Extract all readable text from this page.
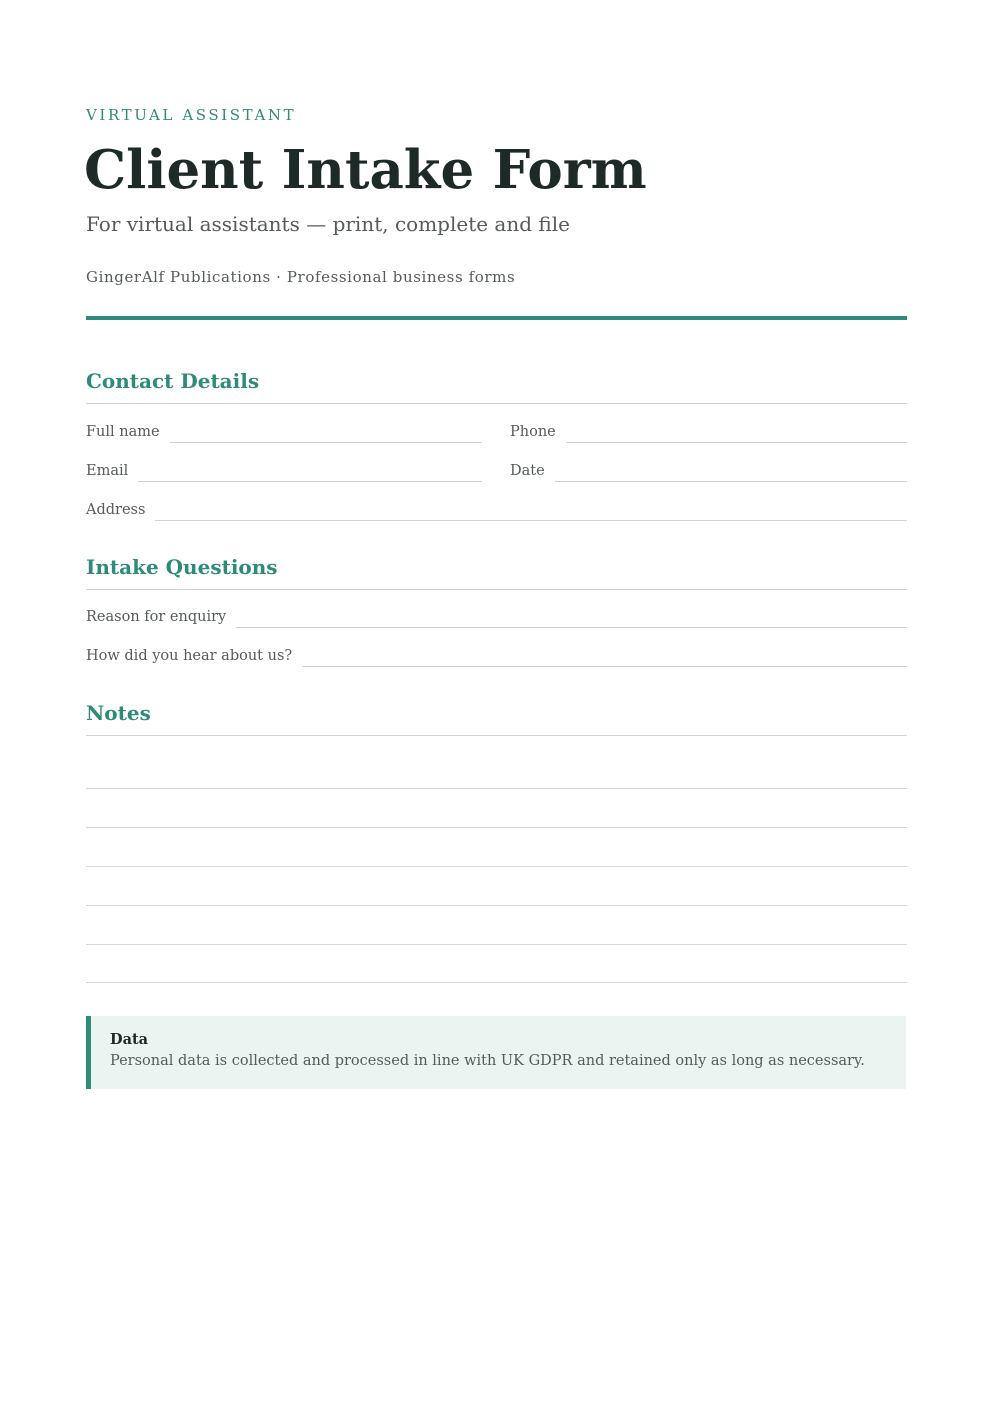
VIRTUAL ASSISTANT
Client Intake Form
For virtual assistants — print, complete and file
GingerAlf Publications · Professional business forms
Contact Details
Full name	Phone
Email	Date
Address
Intake Questions
Reason for enquiry
How did you hear about us?
Notes
Data
Personal data is collected and processed in line with UK GDPR and retained only as long as necessary.
